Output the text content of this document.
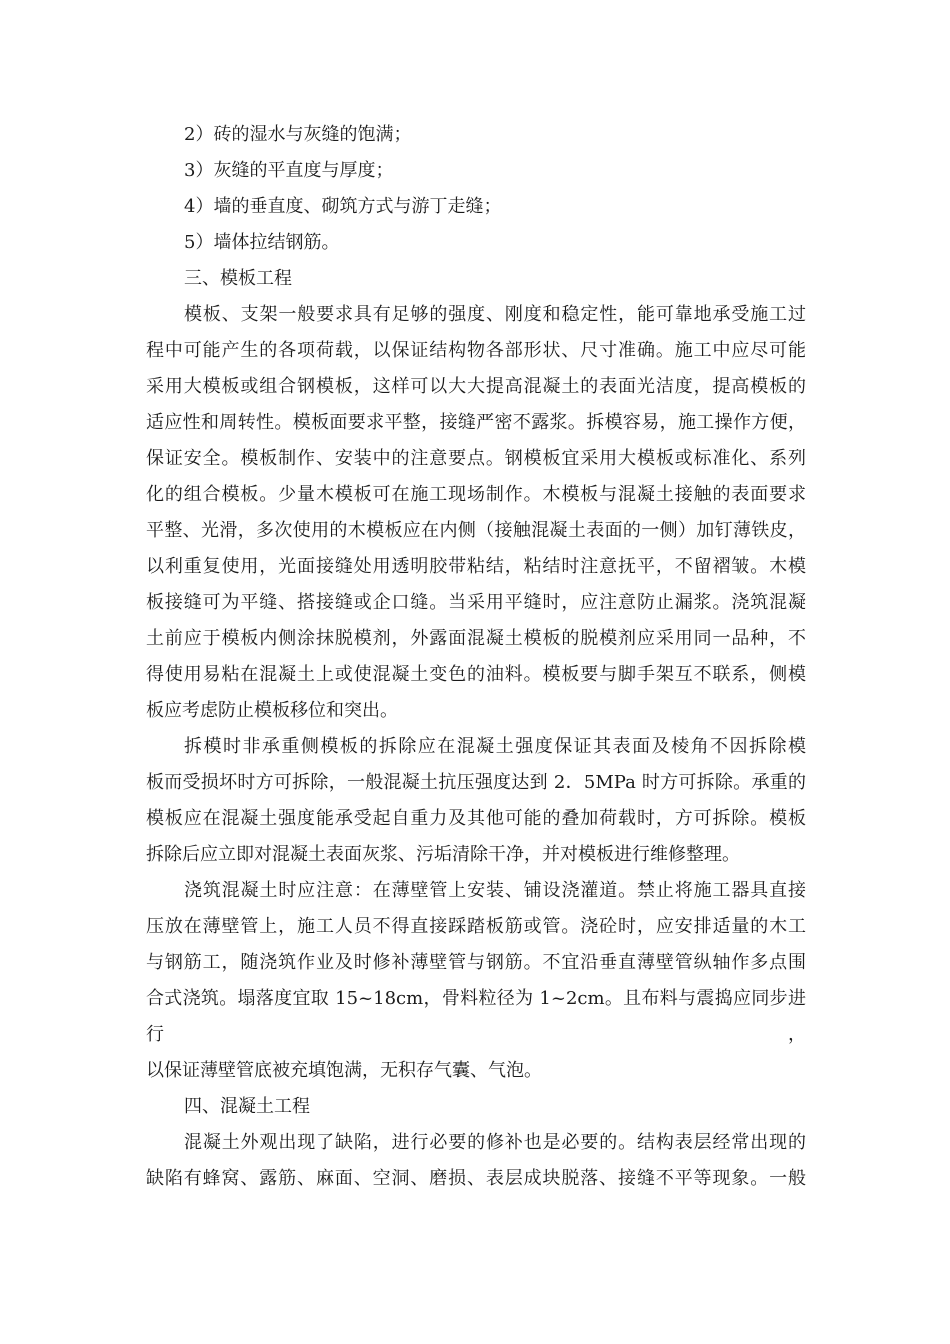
2）砖的湿水与灰缝的饱满；

3）灰缝的平直度与厚度；

4）墙的垂直度、砌筑方式与游丁走缝；

5）墙体拉结钢筋。

三、模板工程

模板、支架一般要求具有足够的强度、刚度和稳定性，能可靠地承受施工过
程中可能产生的各项荷载，以保证结构物各部形状、尺寸准确。施工中应尽可能
采用大模板或组合钢模板，这样可以大大提高混凝土的表面光洁度，提高模板的
适应性和周转性。模板面要求平整，接缝严密不露浆。拆模容易，施工操作方便，
保证安全。模板制作、安装中的注意要点。钢模板宜采用大模板或标准化、系列
化的组合模板。少量木模板可在施工现场制作。木模板与混凝土接触的表面要求
平整、光滑，多次使用的木模板应在内侧（接触混凝土表面的一侧）加钉薄铁皮，
以利重复使用，光面接缝处用透明胶带粘结，粘结时注意抚平，不留褶皱。木模
板接缝可为平缝、搭接缝或企口缝。当采用平缝时，应注意防止漏浆。浇筑混凝
土前应于模板内侧涂抹脱模剂，外露面混凝土模板的脱模剂应采用同一品种，不
得使用易粘在混凝土上或使混凝土变色的油料。模板要与脚手架互不联系，侧模
板应考虑防止模板移位和突出。
拆模时非承重侧模板的拆除应在混凝土强度保证其表面及棱角不因拆除模
板而受损坏时方可拆除，一般混凝土抗压强度达到 2．5MPa 时方可拆除。承重的
模板应在混凝土强度能承受起自重力及其他可能的叠加荷载时，方可拆除。模板
拆除后应立即对混凝土表面灰浆、污垢清除干净，并对模板进行维修整理。
浇筑混凝土时应注意：在薄壁管上安装、铺设浇灌道。禁止将施工器具直接
压放在薄壁管上，施工人员不得直接踩踏板筋或管。浇砼时，应安排适量的木工
与钢筋工，随浇筑作业及时修补薄壁管与钢筋。不宜沿垂直薄壁管纵轴作多点围
合式浇筑。塌落度宜取 15~18cm，骨料粒径为 1~2cm。且布料与震捣应同步进行，
以保证薄壁管底被充填饱满，无积存气囊、气泡。

四、混凝土工程

混凝土外观出现了缺陷，进行必要的修补也是必要的。结构表层经常出现的
缺陷有蜂窝、露筋、麻面、空洞、磨损、表层成块脱落、接缝不平等现象。一般
